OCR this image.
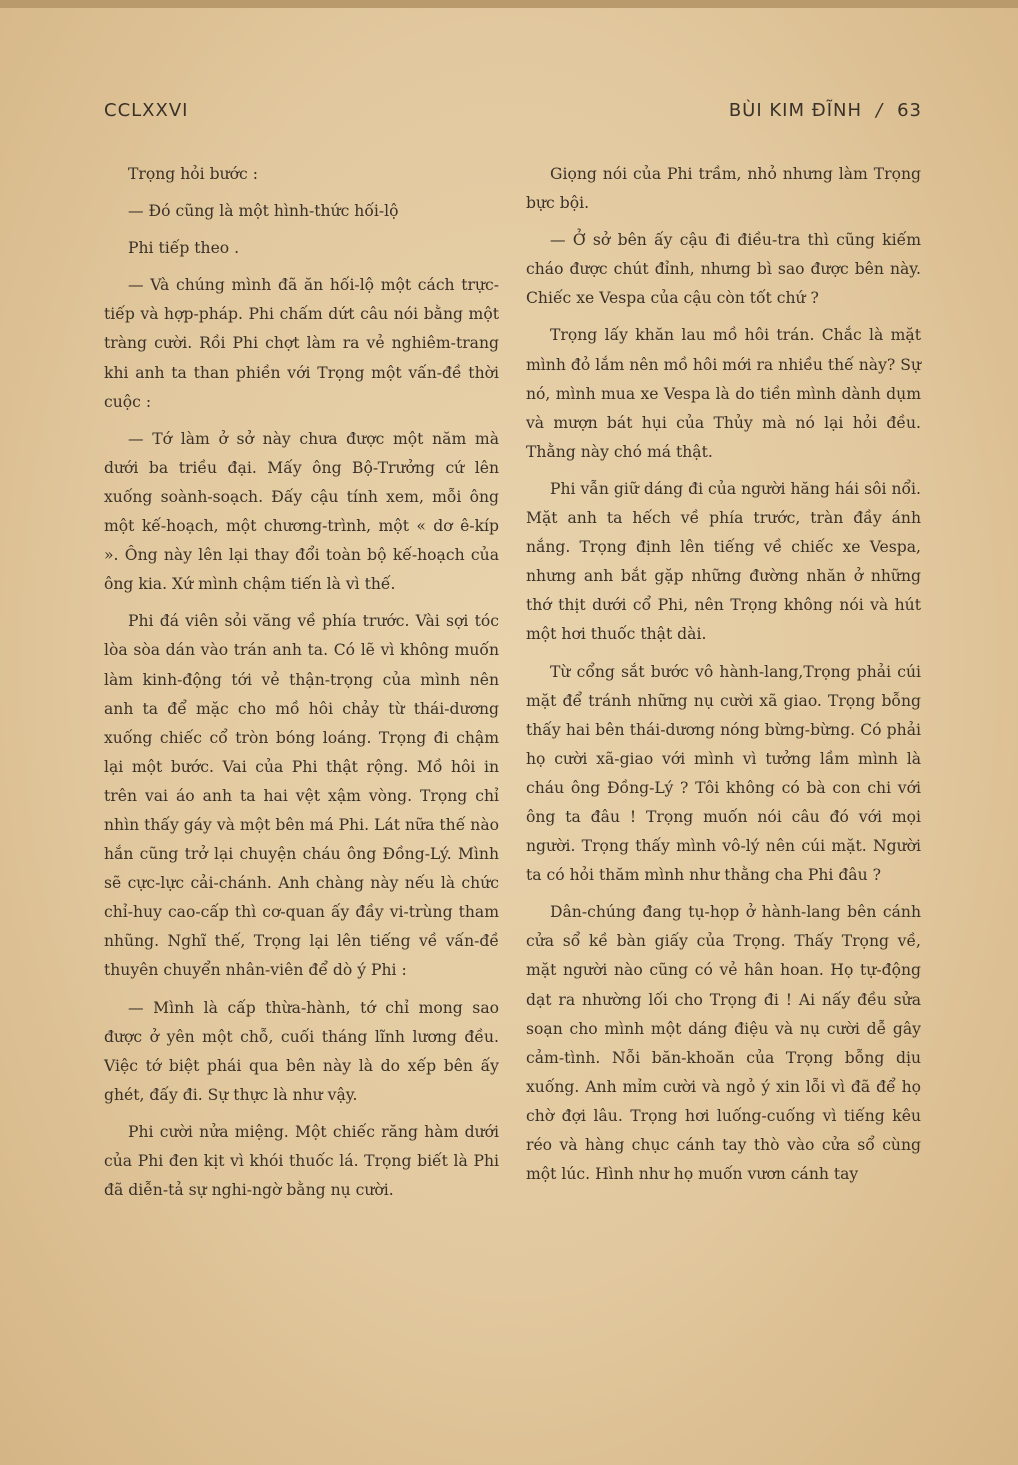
CCLXXVI	BÙI KIM ĐĨNH / 63

Trọng hỏi bước :

— Đó cũng là một hình-thức hối-lộ

Phi tiếp theo .

— Và chúng mình đã ăn hối-lộ một cách trực-tiếp và hợp-pháp. Phi chấm dứt câu nói bằng một tràng cười. Rồi Phi chợt làm ra vẻ nghiêm-trang khi anh ta than phiền với Trọng một vấn-đề thời cuộc :

— Tớ làm ở sở này chưa được một năm mà dưới ba triều đại. Mấy ông Bộ-Trưởng cứ lên xuống soành-soạch. Đấy cậu tính xem, mỗi ông một kế-hoạch, một chương-trình, một « dơ ê-kíp ». Ông này lên lại thay đổi toàn bộ kế-hoạch của ông kia. Xứ mình chậm tiến là vì thế.

Phi đá viên sỏi văng về phía trước. Vài sợi tóc lòa sòa dán vào trán anh ta. Có lẽ vì không muốn làm kinh-động tới vẻ thận-trọng của mình nên anh ta để mặc cho mồ hôi chảy từ thái-dương xuống chiếc cổ tròn bóng loáng. Trọng đi chậm lại một bước. Vai của Phi thật rộng. Mồ hôi in trên vai áo anh ta hai vệt xậm vòng. Trọng chỉ nhìn thấy gáy và một bên má Phi. Lát nữa thế nào hắn cũng trở lại chuyện cháu ông Đồng-Lý. Mình sẽ cực-lực cải-chánh. Anh chàng này nếu là chức chỉ-huy cao-cấp thì cơ-quan ấy đầy vi-trùng tham nhũng. Nghĩ thế, Trọng lại lên tiếng về vấn-đề thuyên chuyển nhân-viên để dò ý Phi :

— Mình là cấp thừa-hành, tớ chỉ mong sao được ở yên một chỗ, cuối tháng lĩnh lương đều. Việc tớ biệt phái qua bên này là do xếp bên ấy ghét, đấy đi. Sự thực là như vậy.

Phi cười nửa miệng. Một chiếc răng hàm dưới của Phi đen kịt vì khói thuốc lá. Trọng biết là Phi đã diễn-tả sự nghi-ngờ bằng nụ cười.

Giọng nói của Phi trầm, nhỏ nhưng làm Trọng bực bội.

— Ở sở bên ấy cậu đi điều-tra thì cũng kiếm cháo được chút đỉnh, nhưng bì sao được bên này. Chiếc xe Vespa của cậu còn tốt chứ ?

Trọng lấy khăn lau mồ hôi trán. Chắc là mặt mình đỏ lắm nên mồ hôi mới ra nhiều thế này? Sự nó, mình mua xe Vespa là do tiền mình dành dụm và mượn bát hụi của Thủy mà nó lại hỏi đều. Thằng này chó má thật.

Phi vẫn giữ dáng đi của người hăng hái sôi nổi. Mặt anh ta hếch về phía trước, tràn đầy ánh nắng. Trọng định lên tiếng về chiếc xe Vespa, nhưng anh bắt gặp những đường nhăn ở những thớ thịt dưới cổ Phi, nên Trọng không nói và hút một hơi thuốc thật dài.

Từ cổng sắt bước vô hành-lang,Trọng phải cúi mặt để tránh những nụ cười xã giao. Trọng bỗng thấy hai bên thái-dương nóng bừng-bừng. Có phải họ cười xã-giao với mình vì tưởng lầm mình là cháu ông Đồng-Lý ? Tôi không có bà con chi với ông ta đâu ! Trọng muốn nói câu đó với mọi người. Trọng thấy mình vô-lý nên cúi mặt. Người ta có hỏi thăm mình như thằng cha Phi đâu ?

Dân-chúng đang tụ-họp ở hành-lang bên cánh cửa sổ kề bàn giấy của Trọng. Thấy Trọng về, mặt người nào cũng có vẻ hân hoan. Họ tự-động dạt ra nhường lối cho Trọng đi ! Ai nấy đều sửa soạn cho mình một dáng điệu và nụ cười dễ gây cảm-tình. Nỗi băn-khoăn của Trọng bỗng dịu xuống. Anh mỉm cười và ngỏ ý xin lỗi vì đã để họ chờ đợi lâu. Trọng hơi luống-cuống vì tiếng kêu réo và hàng chục cánh tay thò vào cửa sổ cùng một lúc. Hình như họ muốn vươn cánh tay
